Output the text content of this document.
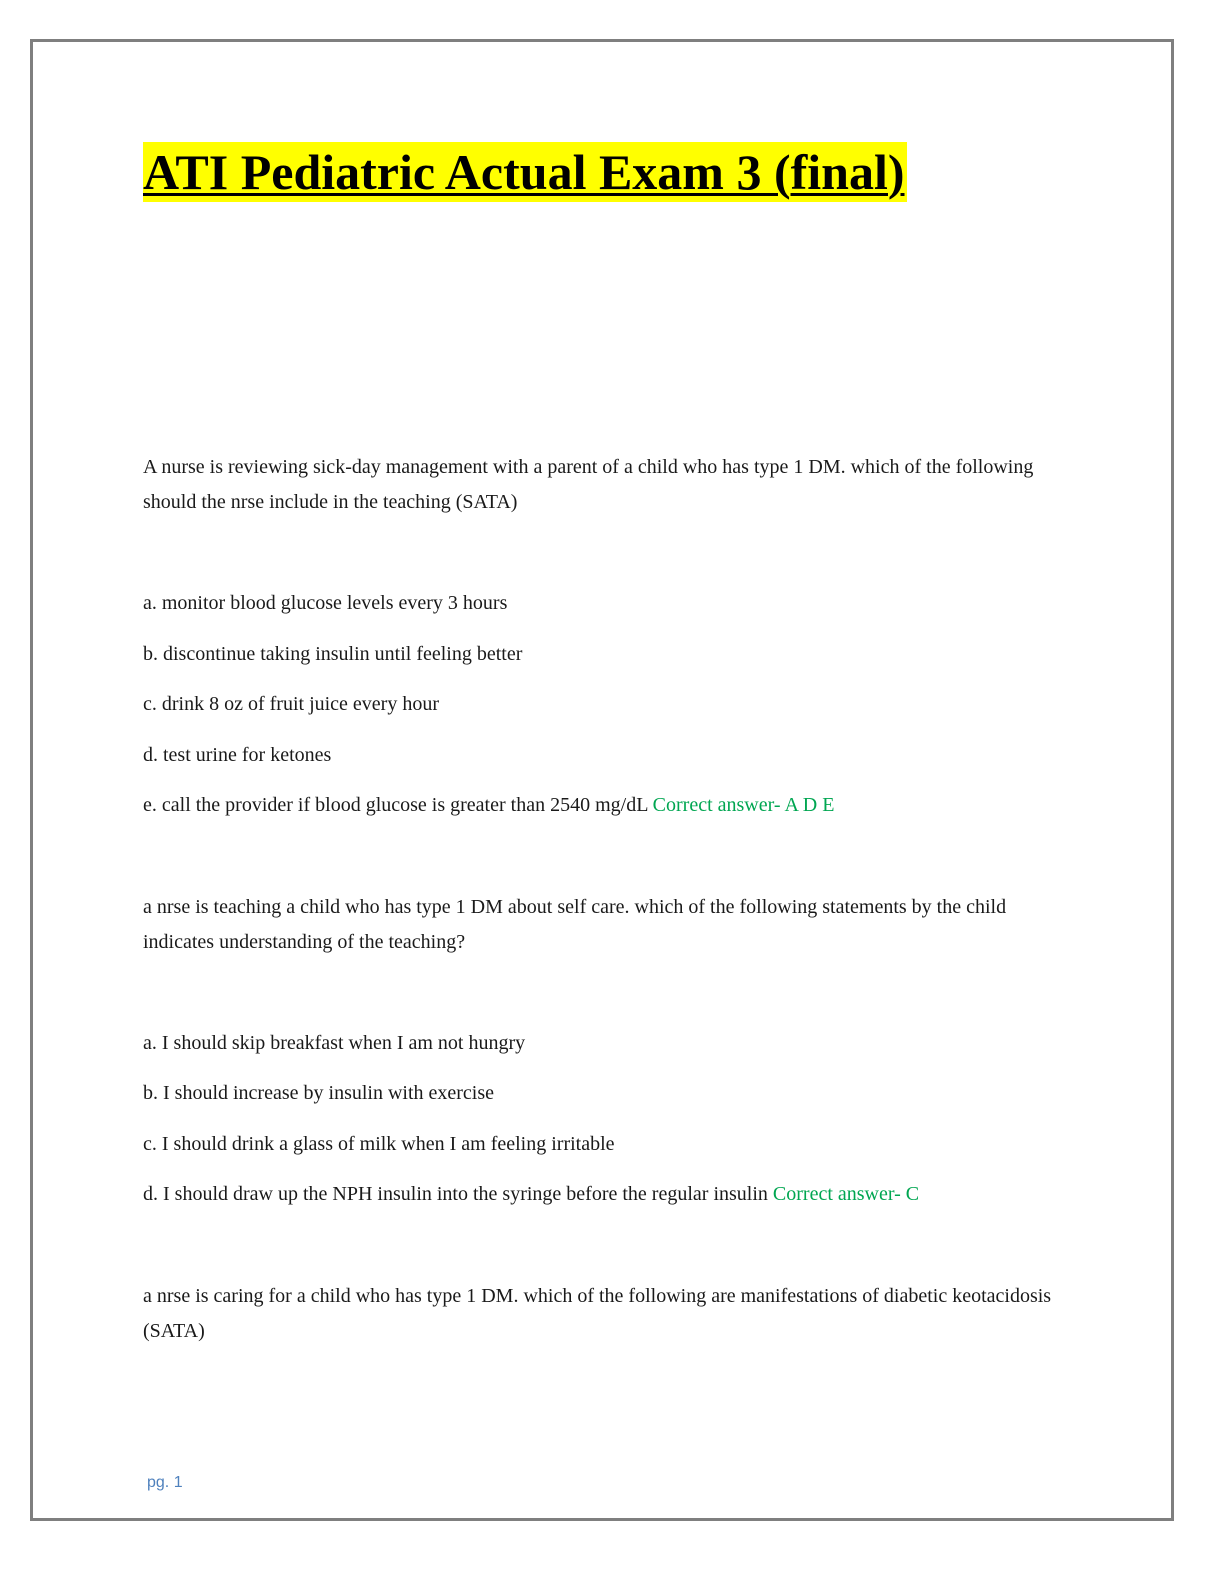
ATI Pediatric Actual Exam 3 (final)

A nurse is reviewing sick-day management with a parent of a child who has type 1 DM. which of the following should the nrse include in the teaching (SATA)

a. monitor blood glucose levels every 3 hours

b. discontinue taking insulin until feeling better

c. drink 8 oz of fruit juice every hour

d. test urine for ketones

e. call the provider if blood glucose is greater than 2540 mg/dL Correct answer- A D E

a nrse is teaching a child who has type 1 DM about self care. which of the following statements by the child indicates understanding of the teaching?

a. I should skip breakfast when I am not hungry

b. I should increase by insulin with exercise

c. I should drink a glass of milk when I am feeling irritable

d. I should draw up the NPH insulin into the syringe before the regular insulin Correct answer- C

a nrse is caring for a child who has type 1 DM. which of the following are manifestations of diabetic keotacidosis (SATA)

pg. 1
